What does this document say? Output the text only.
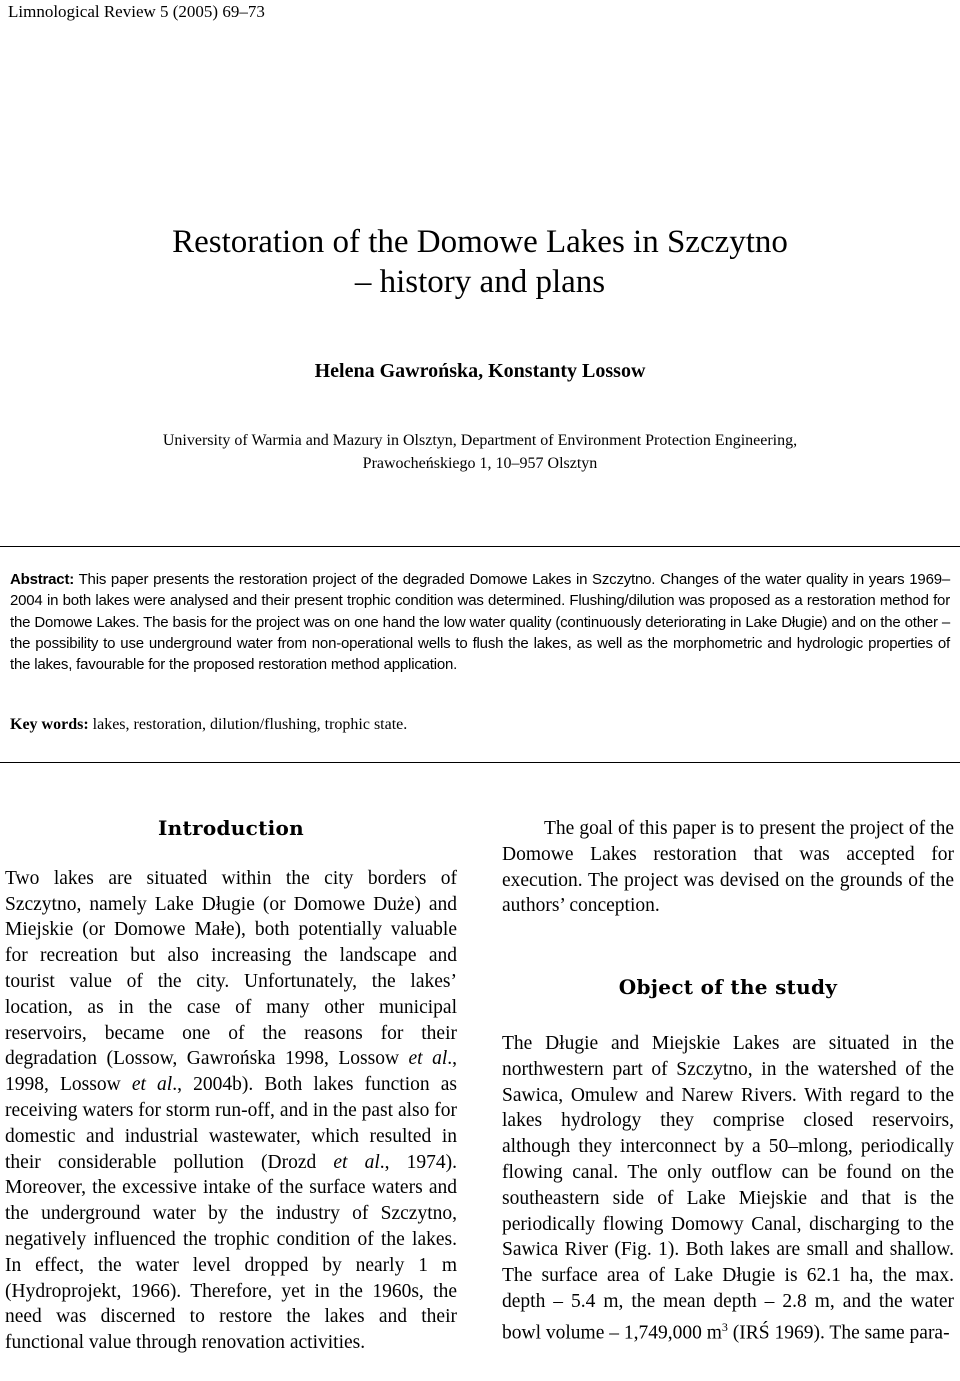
Limnological Review 5 (2005) 69–73
Restoration of the Domowe Lakes in Szczytno
– history and plans
Helena Gawrońska, Konstanty Lossow
University of Warmia and Mazury in Olsztyn, Department of Environment Protection Engineering,
Prawocheńskiego 1, 10–957 Olsztyn
Abstract: This paper presents the restoration project of the degraded Domowe Lakes in Szczytno. Changes of the water quality in years 1969–2004 in both lakes were analysed and their present trophic condition was determined. Flushing/dilution was proposed as a restoration method for the Domowe Lakes. The basis for the project was on one hand the low water quality (continuously deteriorating in Lake Długie) and on the other – the possibility to use underground water from non-operational wells to flush the lakes, as well as the morphometric and hydrologic properties of the lakes, favourable for the proposed restoration method application.
Key words: lakes, restoration, dilution/flushing, trophic state.
Introduction

Two lakes are situated within the city borders of Szczytno, namely Lake Długie (or Domowe Duże) and Miejskie (or Domowe Małe), both potentially valuable for recreation but also increasing the landscape and tourist value of the city. Unfortunately, the lakes’ location, as in the case of many other municipal reservoirs, became one of the reasons for their degradation (Lossow, Gawrońska 1998, Lossow et al., 1998, Lossow et al., 2004b). Both lakes function as receiving waters for storm run-off, and in the past also for domestic and industrial wastewater, which resulted in their considerable pollution (Drozd et al., 1974). Moreover, the excessive intake of the surface waters and the underground water by the industry of Szczytno, negatively influenced the trophic condition of the lakes. In effect, the water level dropped by nearly 1 m (Hydroprojekt, 1966). Therefore, yet in the 1960s, the need was discerned to restore the lakes and their functional value through renovation activities.

The goal of this paper is to present the project of the Domowe Lakes restoration that was accepted for execution. The project was devised on the grounds of the authors’ conception.

Object of the study

The Długie and Miejskie Lakes are situated in the northwestern part of Szczytno, in the watershed of the Sawica, Omulew and Narew Rivers. With regard to the lakes hydrology they comprise closed reservoirs, although they interconnect by a 50–mlong, periodically flowing canal. The only outflow can be found on the southeastern side of Lake Miejskie and that is the periodically flowing Domowy Canal, discharging to the Sawica River (Fig. 1). Both lakes are small and shallow. The surface area of Lake Długie is 62.1 ha, the max. depth – 5.4 m, the mean depth – 2.8 m, and the water bowl volume – 1,749,000 $m^3$ (IRŚ 1969). The same para-
